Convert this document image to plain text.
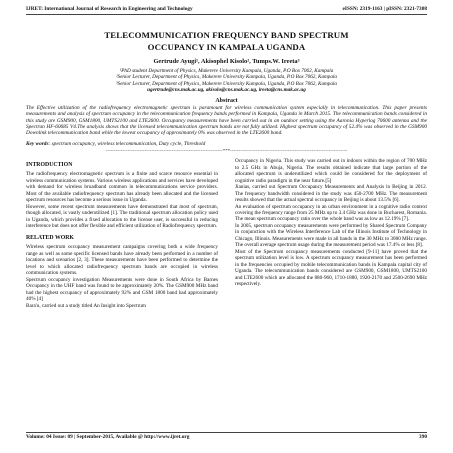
IJRET: International Journal of Research in Engineering and Technology	eISSN: 2319-1163 | pISSN: 2321-7308
TELECOMMUNICATION FREQUENCY BAND SPECTRUM
OCCUPANCY IN KAMPALA UGANDA
Gertrude Ayugi¹, Akisophel Kisolo², Tumps.W. Ireeta³
¹PhD student Department of Physics, Makerere University Kampala, Uganda, P.O Box 7062, Kampala
²Senior Lecturer, Department of Physics, Makerere University Kampala, Uganda, P.O Box 7062, Kampala
³Senior Lecturer, Department of Physics, Makerere University Kampala, Uganda, P.O Box 7062, Kampala
ugertrude@cns.mak.ac.ug, akisolo@cns.mak.ac.ug, ireeta@cns.mak.ac.ug
Abstract
The Effective utilization of the radiofrequency electromagnetic spectrum is paramount for wireless communication system especially in telecommunication. This paper presents measurements and analysis of spectrum occupancy in the telecommunication frequency bands performed in Kampala, Uganda in March 2015. The telecommunication bands considered in this study are GSM900, GSM1800, UMTS2100 and LTE2600. Occupancy measurements have been carried out in an outdoor setting using the Aaronia Hyperlog 70600 antenna and the Spectran HF-60685 V4.The analysis shows that the licensed telecommunication spectrum bands are not fully utilized. Highest spectrum occupancy of 52.4% was observed in the GSM900 Downlink telecommunication band while the lowest occupancy of approximately 0% was observed in the LTE2600 band.
Key words: spectrum occupancy, wireless telecommunication, Duty cycle, Threshold
---------------------------------------------------------------------***---------------------------------------------------------------------
INTRODUCTION

The radiofrequency electromagnetic spectrum is a finite and scarce resource essential in wireless communication systems. Various wireless applications and services have developed with demand for wireless broadband common in telecommunications service providers. Most of the available radiofrequency spectrum has already been allocated and the licensed spectrum resources has become a serious issue in Uganda.

However, some recent spectrum measurements have demonstrated that most of spectrum, though allocated, is vastly underutilized [1]. The traditional spectrum allocation policy used in Uganda, which provides a fixed allocation to the license user, is successful in reducing interference but does not offer flexible and efficient utilization of Radiofrequency spectrum.

RELATED WORK

Wireless spectrum occupancy measurement campaigns covering both a wide frequency range as well as some specific licensed bands have already been performed in a number of locations and scenarios [2, 3]. These measurements have been performed to determine the level to which allocated radiofrequency spectrum bands are occupied in wireless communication systems.

Spectrum occupancy investigation Measurements were done in South Africa by Barnes Occupancy in the UHF band was found to be approximately 20%. The GSM900 MHz band had the highest occupancy of approximately 92% and GSM 1800 band had approximately 40% [4]

Bara'u, carried out a study titled An Insight into Spectrum

Occupancy in Nigeria. This study was carried out in indoors within the region of 700 MHz to 2.5 GHz in Abuja, Nigeria. The results obtained indicate that large portion of the allocated spectrum is underutilized which could be considered for the deployment of cognitive radio paradigm in the near future.[5]

Jianias, carried out Spectrum Occupancy Measurements and Analysis in Beijing in 2012. The frequency bandwidth considered in the study was 450-2700 MHz. The measurement results showed that the actual spectral occupancy in Beijing is about 13.5% [6].

An evaluation of spectrum occupancy in an urban environment in a cognitive radio context covering the frequency range from 25 MHz up to 3.4 GHz was done in Bucharest, Romania. The mean spectrum occupancy ratio over the whole band was as low as 12.19% [7].

In 2005, spectrum occupancy measurements were performed by Shared Spectrum Company in conjunction with the Wireless Interference Lab of the Illinois Institute of Technology in Chicago, Illinois. Measurements were made in all bands in the 30 MHz to 3000 MHz range. The overall average spectrum usage during the measurement period was 17.4% or less [8].

Most of the Spectrum occupancy measurements conducted [9-11] have proved that the spectrum utilization level is low. A spectrum occupancy measurement has been performed in the frequencies occupied by mobile telecommunication bands in Kampala capital city of Uganda. The telecommunication bands considered are GSM900, GSM1800, UMTS2100 and LTE2600 which are allocated the 880-960, 1710-1880, 1920-2170 and 2500-2690 MHz respectively.

Volume: 04 Issue: 09 | September-2015, Available @ http://www.ijret.org	390
